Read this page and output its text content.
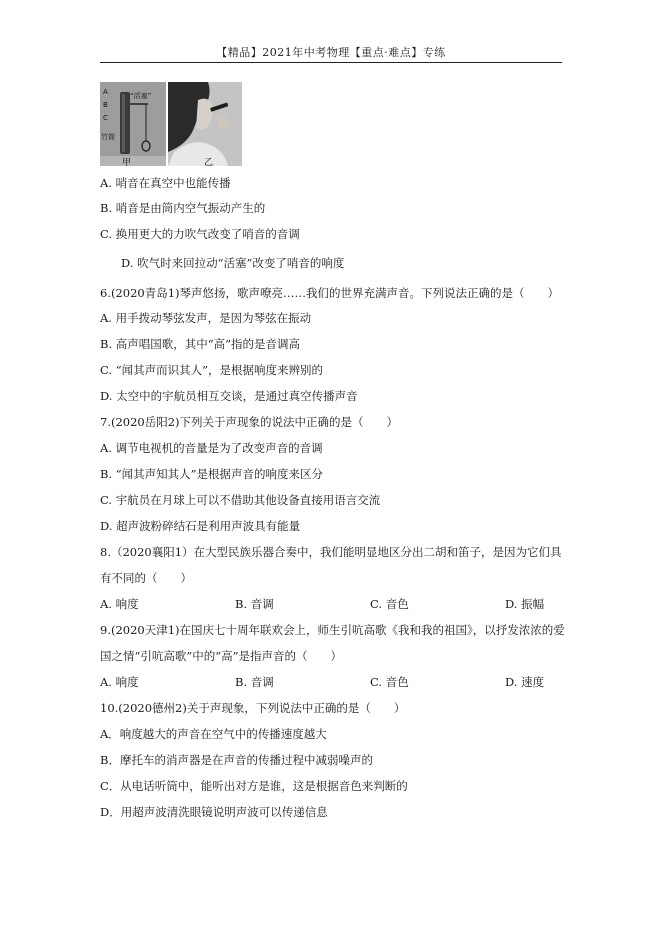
【精品】2021年中考物理【重点·难点】专练
A
B
C
竹筒
“活塞”
甲	乙
A. 哨音在真空中也能传播
B. 哨音是由筒内空气振动产生的
C. 换用更大的力吹气改变了哨音的音调
D. 吹气时来回拉动“活塞”改变了哨音的响度
6.(2020青岛1)琴声悠扬，歌声嘹亮……我们的世界充满声音。下列说法正确的是（　　）
A. 用手拨动琴弦发声，是因为琴弦在振动
B. 高声唱国歌，其中“高”指的是音调高
C. “闻其声而识其人”，是根据响度来辨别的
D. 太空中的宇航员相互交谈，是通过真空传播声音
7.(2020岳阳2)下列关于声现象的说法中正确的是（　　）
A. 调节电视机的音量是为了改变声音的音调
B. “闻其声知其人”是根据声音的响度来区分
C. 宇航员在月球上可以不借助其他设备直接用语言交流
D. 超声波粉碎结石是利用声波具有能量
8.（2020襄阳1）在大型民族乐器合奏中，我们能明显地区分出二胡和笛子，是因为它们具
有不同的（　　）
A. 响度	B. 音调	C. 音色	D. 振幅
9.(2020天津1)在国庆七十周年联欢会上，师生引吭高歌《我和我的祖国》，以抒发浓浓的爱
国之情“引吭高歌”中的“高”是指声音的（　　）
A. 响度	B. 音调	C. 音色	D. 速度
10.(2020德州2)关于声现象，下列说法中正确的是（　　）
A．响度越大的声音在空气中的传播速度越大
B．摩托车的消声器是在声音的传播过程中减弱噪声的
C．从电话听筒中，能听出对方是谁，这是根据音色来判断的
D．用超声波清洗眼镜说明声波可以传递信息
